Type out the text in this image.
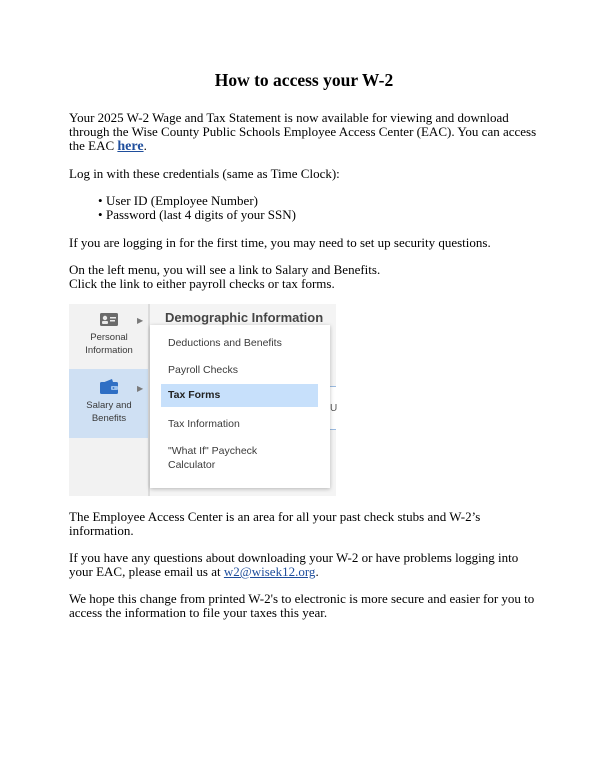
How to access your W-2

Your 2025 W-2 Wage and Tax Statement is now available for viewing and download through the Wise County Public Schools Employee Access Center (EAC). You can access the EAC here.

Log in with these credentials (same as Time Clock):

• User ID (Employee Number)
• Password (last 4 digits of your SSN)

If you are logging in for the first time, you may need to set up security questions.

On the left menu, you will see a link to Salary and Benefits.
Click the link to either payroll checks or tax forms.

The Employee Access Center is an area for all your past check stubs and W-2’s information.

If you have any questions about downloading your W-2 or have problems logging into your EAC, please email us at w2@wisek12.org.

We hope this change from printed W-2's to electronic is more secure and easier for you to access the information to file your taxes this year.

Personal
Information
▶
Salary and
Benefits
▶
Demographic Information
U
Deductions and Benefits
Payroll Checks
Tax Forms
Tax Information
"What If" Paycheck
Calculator
